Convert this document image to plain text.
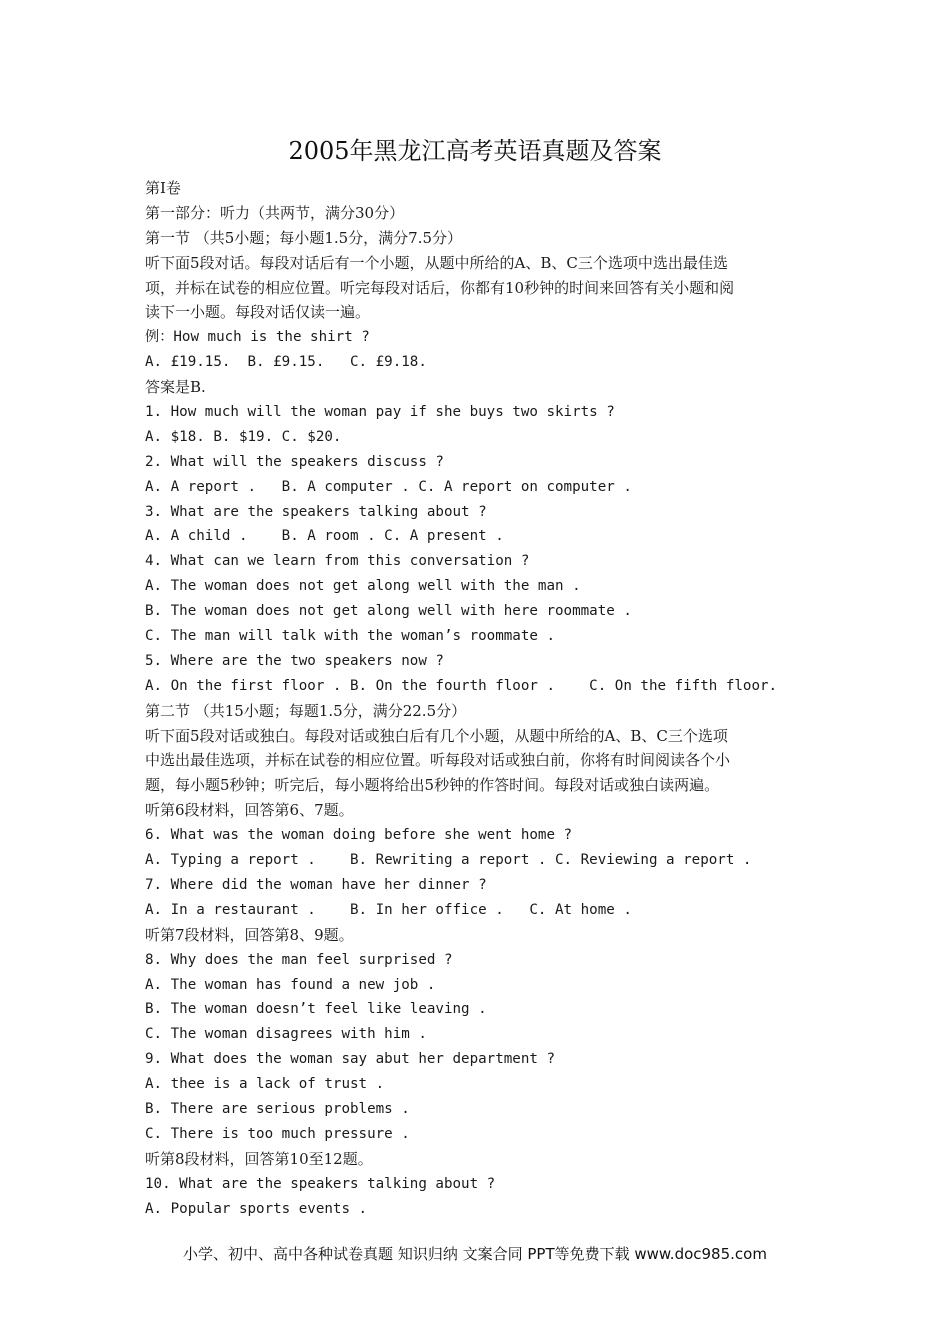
2005年黑龙江高考英语真题及答案
第Ⅰ卷
第一部分：听力（共两节，满分30分）
第一节 （共5小题；每小题1.5分，满分7.5分）
听下面5段对话。每段对话后有一个小题，从题中所给的A、B、C三个选项中选出最佳选
项，并标在试卷的相应位置。听完每段对话后，你都有10秒钟的时间来回答有关小题和阅
读下一小题。每段对话仅读一遍。
例：How much is the shirt ?
A. £19.15.  B. £9.15.   C. £9.18.
答案是B.
1. How much will the woman pay if she buys two skirts ?
A. $18. B. $19. C. $20.
2. What will the speakers discuss ?
A. A report .   B. A computer . C. A report on computer .
3. What are the speakers talking about ?
A. A child .    B. A room . C. A present .
4. What can we learn from this conversation ?
A. The woman does not get along well with the man .
B. The woman does not get along well with here roommate .
C. The man will talk with the woman’s roommate .
5. Where are the two speakers now ?
A. On the first floor . B. On the fourth floor .    C. On the fifth floor.
第二节 （共15小题；每题1.5分，满分22.5分）
听下面5段对话或独白。每段对话或独白后有几个小题，从题中所给的A、B、C三个选项
中选出最佳选项，并标在试卷的相应位置。听每段对话或独白前，你将有时间阅读各个小
题，每小题5秒钟；听完后，每小题将给出5秒钟的作答时间。每段对话或独白读两遍。
听第6段材料，回答第6、7题。
6. What was the woman doing before she went home ?
A. Typing a report .    B. Rewriting a report . C. Reviewing a report .
7. Where did the woman have her dinner ?
A. In a restaurant .    B. In her office .   C. At home .
听第7段材料，回答第8、9题。
8. Why does the man feel surprised ?
A. The woman has found a new job .
B. The woman doesn’t feel like leaving .
C. The woman disagrees with him .
9. What does the woman say abut her department ?
A. thee is a lack of trust .
B. There are serious problems .
C. There is too much pressure .
听第8段材料，回答第10至12题。
10. What are the speakers talking about ?
A. Popular sports events .
小学、初中、高中各种试卷真题 知识归纳 文案合同 PPT等免费下载 www.doc985.com
